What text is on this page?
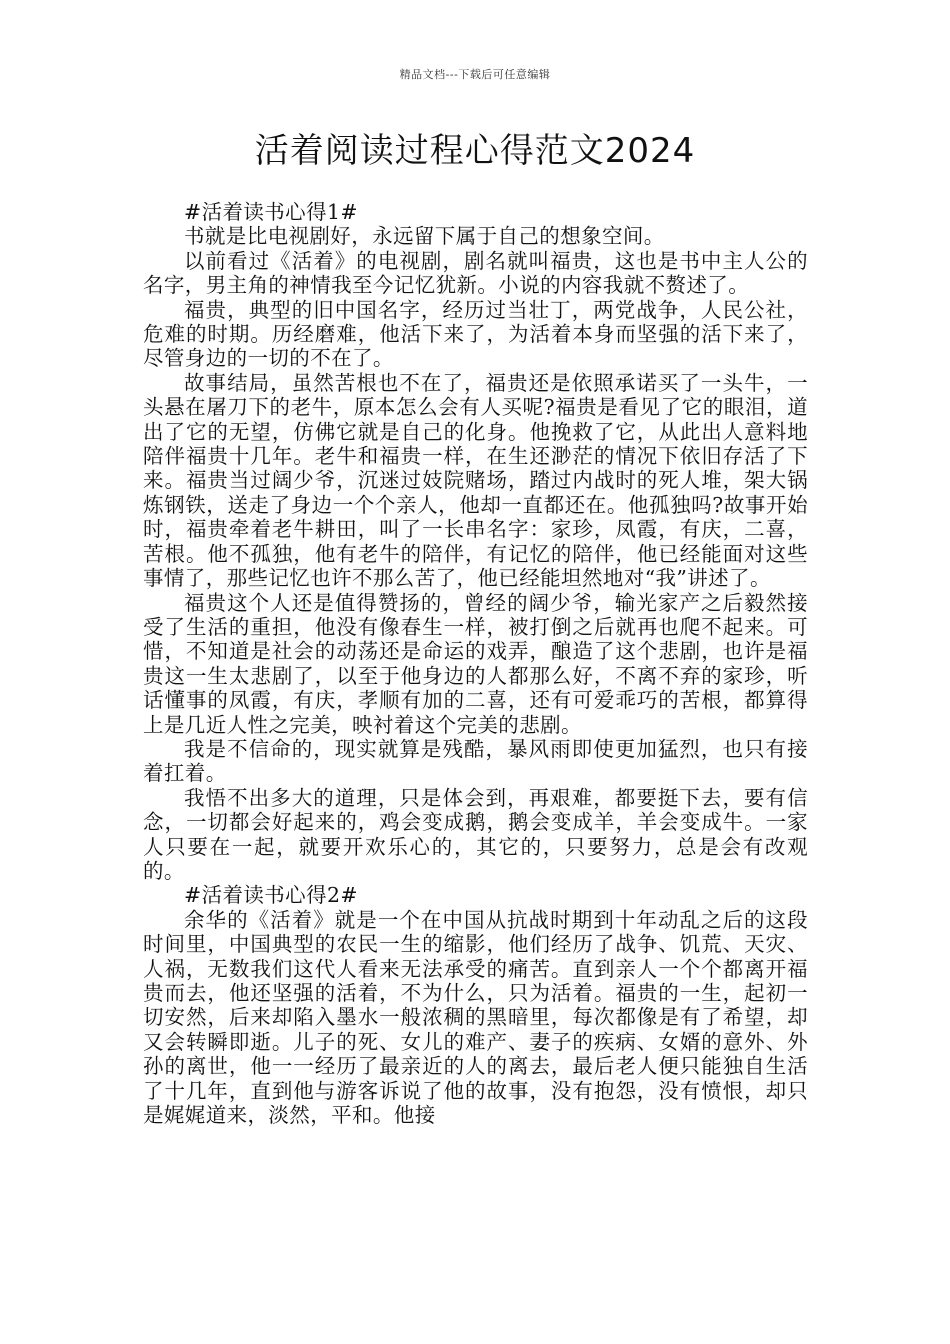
精品文档---下载后可任意编辑
活着阅读过程心得范文2024

#活着读书心得1#

书就是比电视剧好，永远留下属于自己的想象空间。

以前看过《活着》的电视剧，剧名就叫福贵，这也是书中主人公的名字，男主角的神情我至今记忆犹新。小说的内容我就不赘述了。

福贵，典型的旧中国名字，经历过当壮丁，两党战争，人民公社，危难的时期。历经磨难，他活下来了，为活着本身而坚强的活下来了，尽管身边的一切的不在了。

故事结局，虽然苦根也不在了，福贵还是依照承诺买了一头牛，一头悬在屠刀下的老牛，原本怎么会有人买呢?福贵是看见了它的眼泪，道出了它的无望，仿佛它就是自己的化身。他挽救了它，从此出人意料地陪伴福贵十几年。老牛和福贵一样，在生还渺茫的情况下依旧存活了下来。福贵当过阔少爷，沉迷过妓院赌场，踏过内战时的死人堆，架大锅炼钢铁，送走了身边一个个亲人，他却一直都还在。他孤独吗?故事开始时，福贵牵着老牛耕田，叫了一长串名字：家珍，凤霞，有庆，二喜，苦根。他不孤独，他有老牛的陪伴，有记忆的陪伴，他已经能面对这些事情了，那些记忆也许不那么苦了，他已经能坦然地对“我”讲述了。

福贵这个人还是值得赞扬的，曾经的阔少爷，输光家产之后毅然接受了生活的重担，他没有像春生一样，被打倒之后就再也爬不起来。可惜，不知道是社会的动荡还是命运的戏弄，酿造了这个悲剧，也许是福贵这一生太悲剧了，以至于他身边的人都那么好，不离不弃的家珍，听话懂事的凤霞，有庆，孝顺有加的二喜，还有可爱乖巧的苦根，都算得上是几近人性之完美，映衬着这个完美的悲剧。

我是不信命的，现实就算是残酷，暴风雨即使更加猛烈，也只有接着扛着。

我悟不出多大的道理，只是体会到，再艰难，都要挺下去，要有信念，一切都会好起来的，鸡会变成鹅，鹅会变成羊，羊会变成牛。一家人只要在一起，就要开欢乐心的，其它的，只要努力，总是会有改观的。

#活着读书心得2#

余华的《活着》就是一个在中国从抗战时期到十年动乱之后的这段时间里，中国典型的农民一生的缩影，他们经历了战争、饥荒、天灾、人祸，无数我们这代人看来无法承受的痛苦。直到亲人一个个都离开福贵而去，他还坚强的活着，不为什么，只为活着。福贵的一生，起初一切安然，后来却陷入墨水一般浓稠的黑暗里，每次都像是有了希望，却又会转瞬即逝。儿子的死、女儿的难产、妻子的疾病、女婿的意外、外孙的离世，他一一经历了最亲近的人的离去，最后老人便只能独自生活了十几年，直到他与游客诉说了他的故事，没有抱怨，没有愤恨，却只是娓娓道来，淡然，平和。他接
